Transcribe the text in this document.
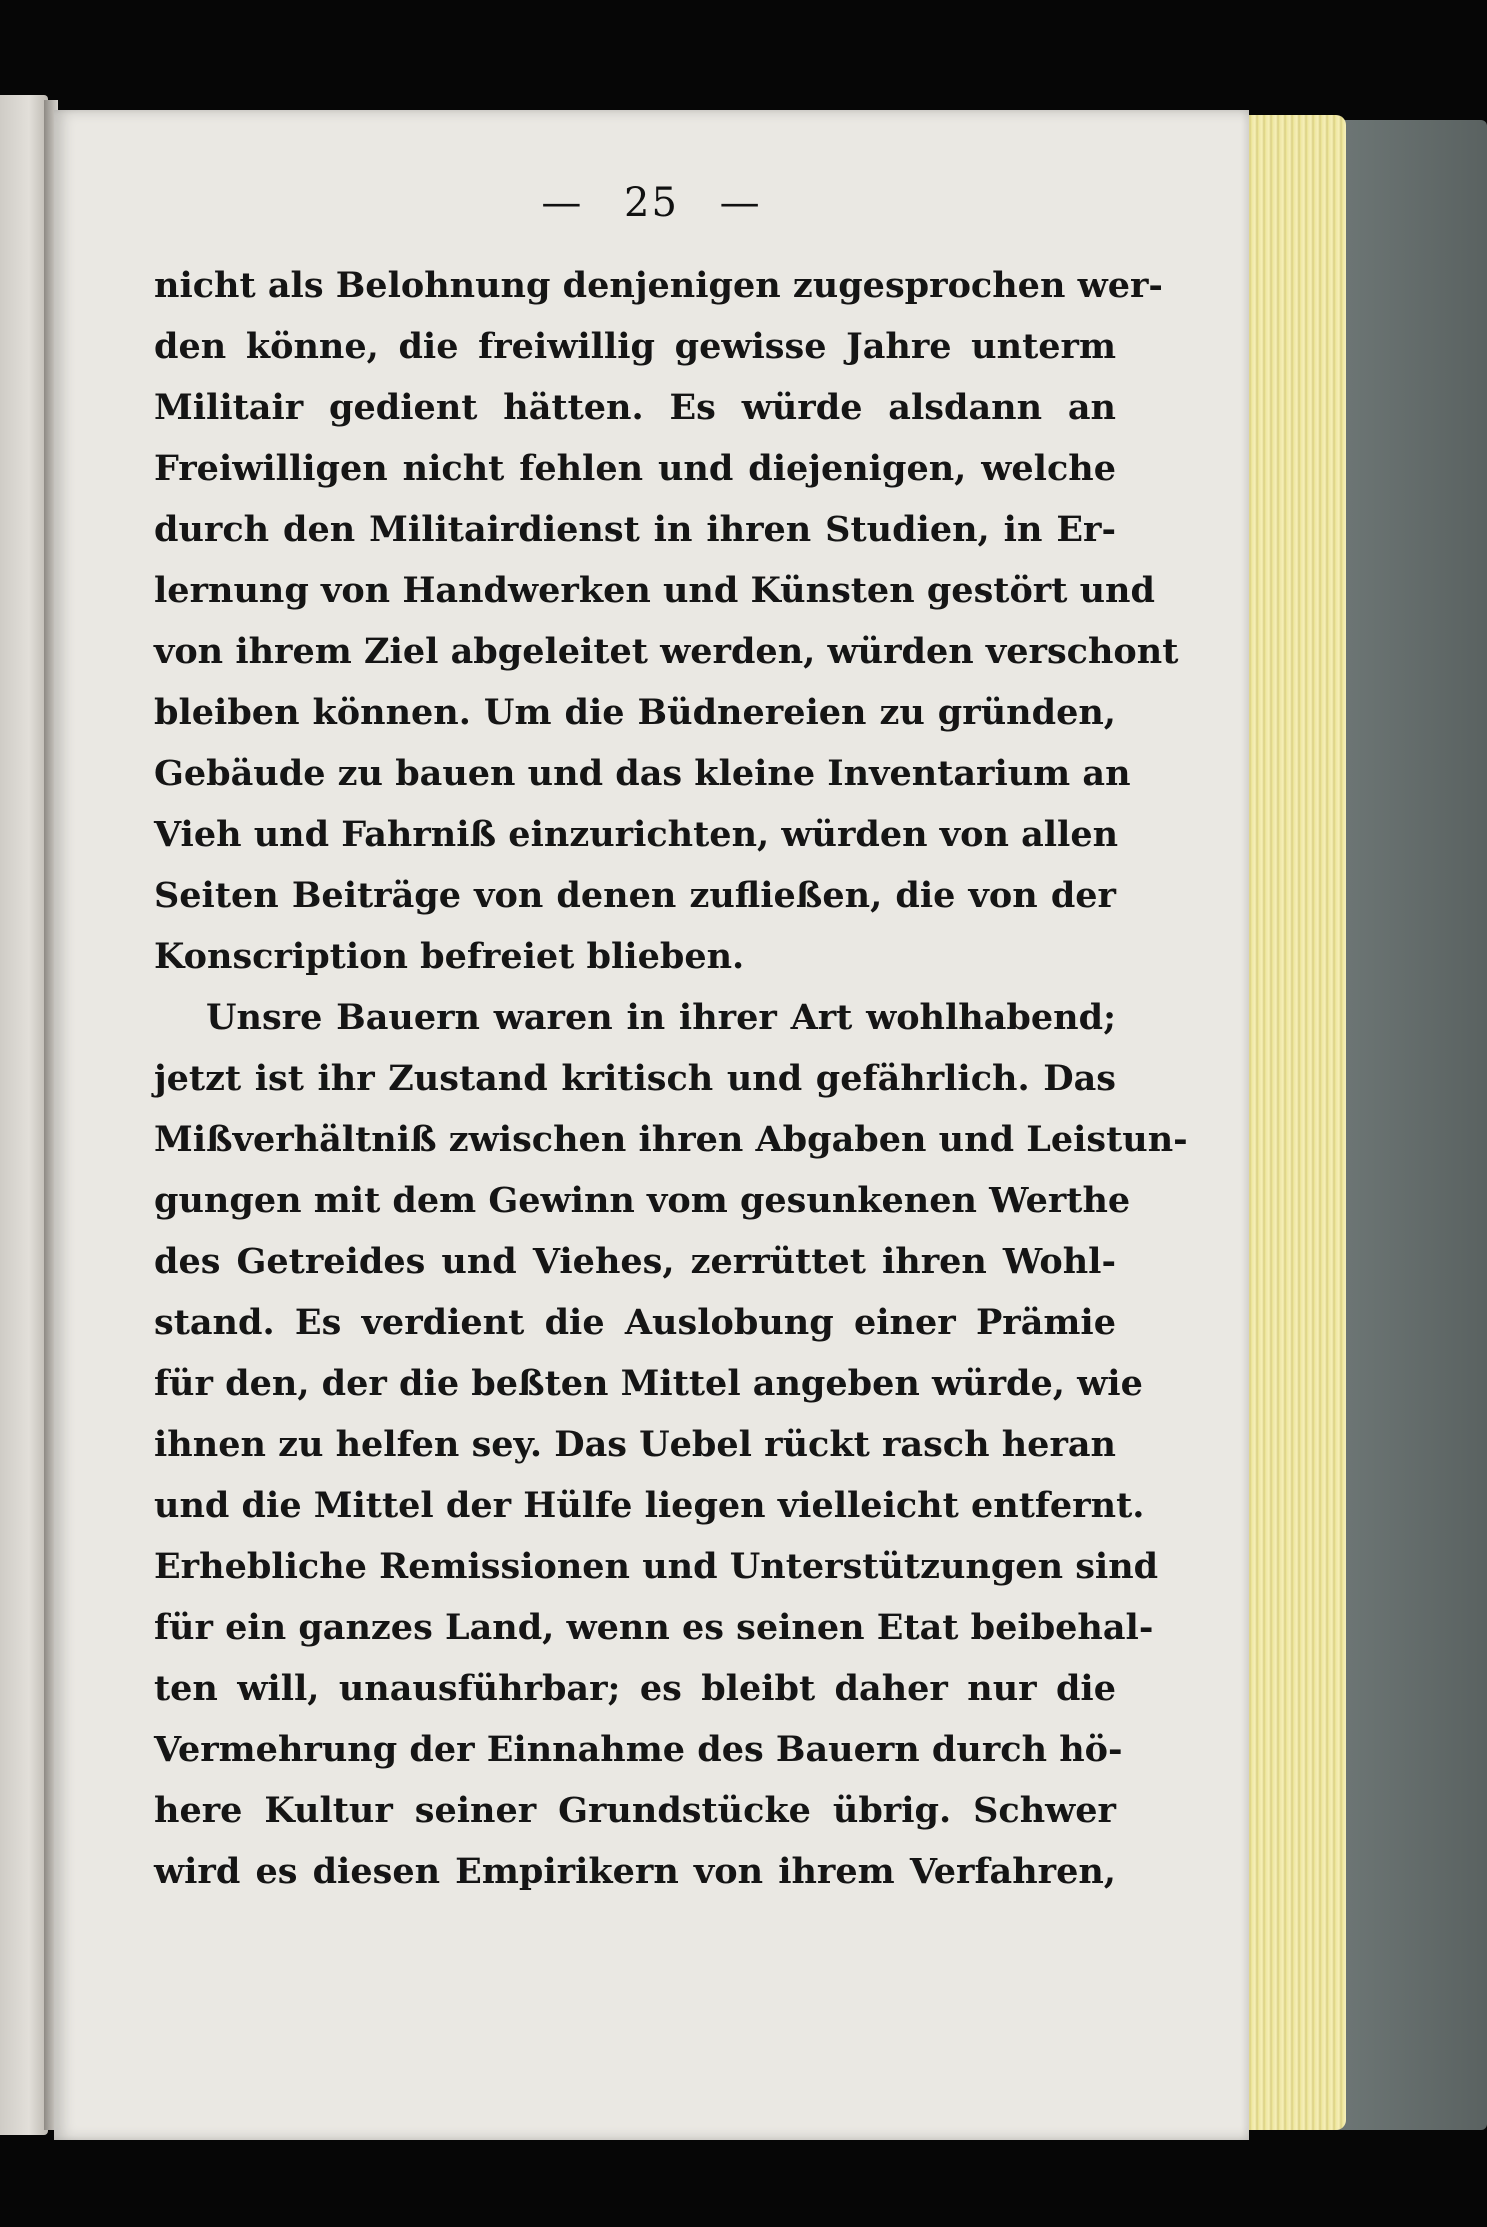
— 25 —
nicht als Belohnung denjenigen zugesprochen wer-
den könne, die freiwillig gewisse Jahre unterm
Militair gedient hätten. Es würde alsdann an
Freiwilligen nicht fehlen und diejenigen, welche
durch den Militairdienst in ihren Studien, in Er-
lernung von Handwerken und Künsten gestört und
von ihrem Ziel abgeleitet werden, würden verschont
bleiben können. Um die Büdnereien zu gründen,
Gebäude zu bauen und das kleine Inventarium an
Vieh und Fahrniß einzurichten, würden von allen
Seiten Beiträge von denen zufließen, die von der
Konscription befreiet blieben.
Unsre Bauern waren in ihrer Art wohlhabend;
jetzt ist ihr Zustand kritisch und gefährlich. Das
Mißverhältniß zwischen ihren Abgaben und Leistun-
gungen mit dem Gewinn vom gesunkenen Werthe
des Getreides und Viehes, zerrüttet ihren Wohl-
stand. Es verdient die Auslobung einer Prämie
für den, der die beßten Mittel angeben würde, wie
ihnen zu helfen sey. Das Uebel rückt rasch heran
und die Mittel der Hülfe liegen vielleicht entfernt.
Erhebliche Remissionen und Unterstützungen sind
für ein ganzes Land, wenn es seinen Etat beibehal-
ten will, unausführbar; es bleibt daher nur die
Vermehrung der Einnahme des Bauern durch hö-
here Kultur seiner Grundstücke übrig. Schwer
wird es diesen Empirikern von ihrem Verfahren,
